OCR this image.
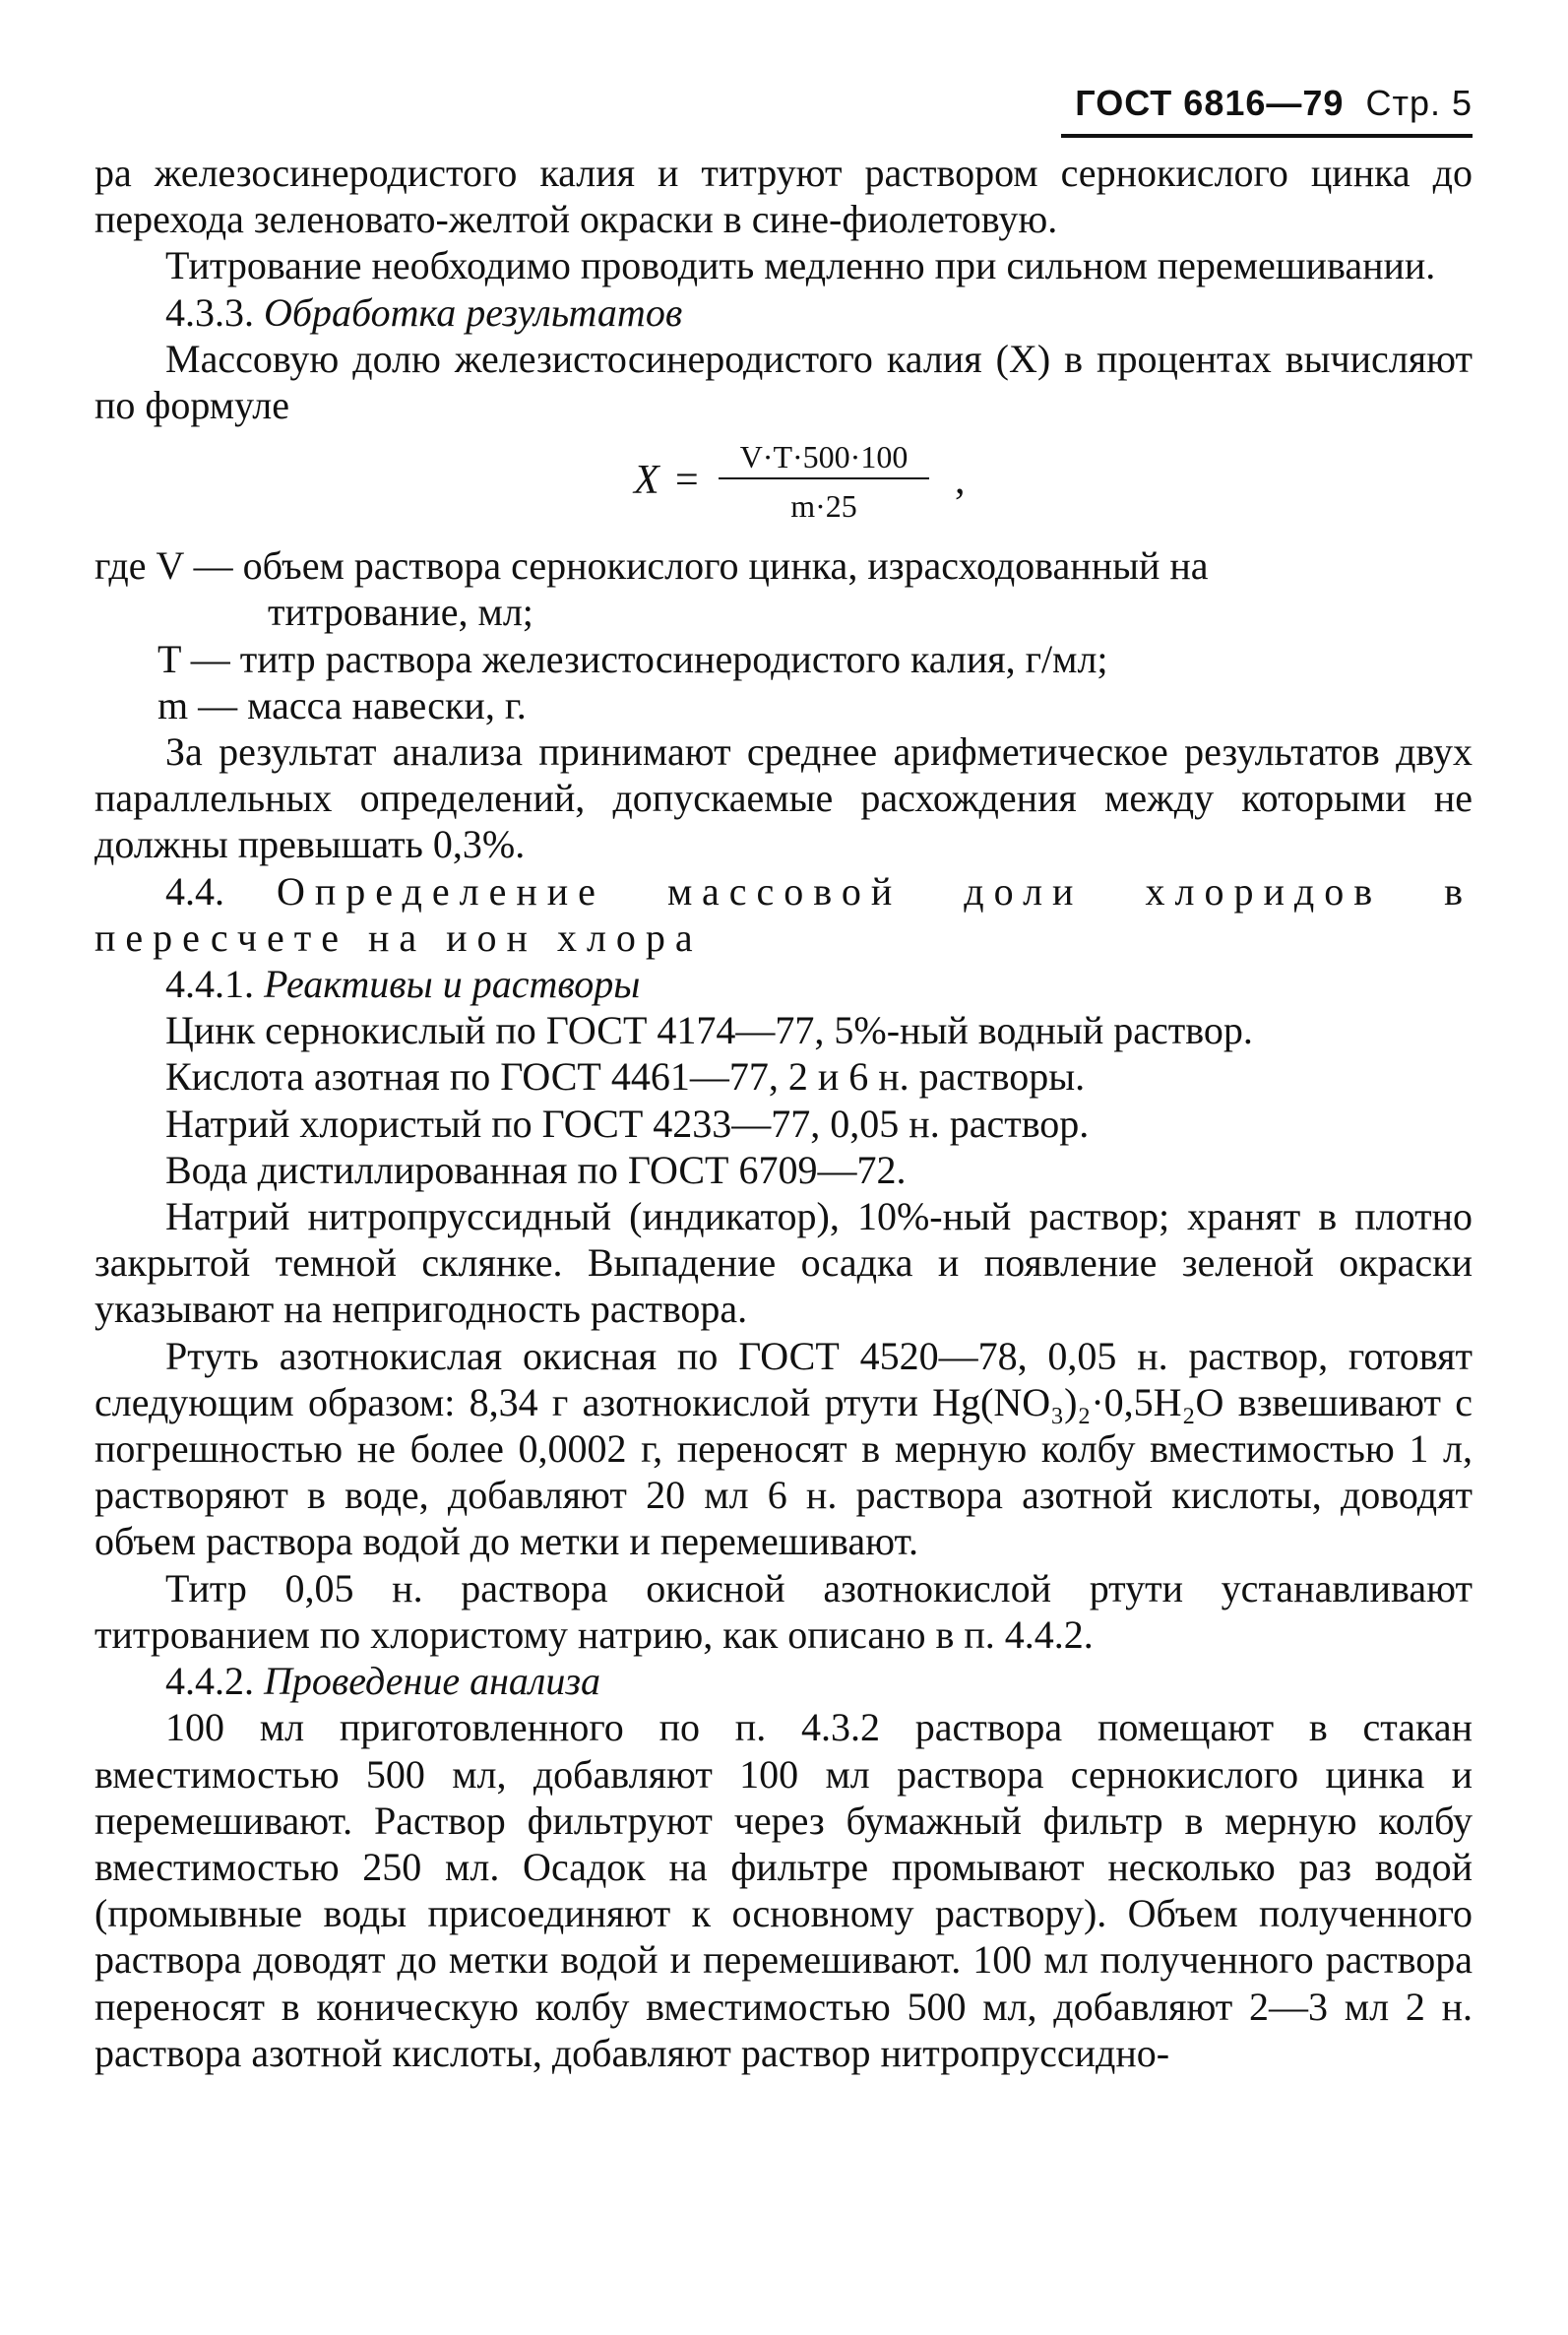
ГОСТ 6816—79 Стр. 5

ра железосинеродистого калия и титруют раствором сернокислого цинка до перехода зеленовато-желтой окраски в сине-фиолетовую.

Титрование необходимо проводить медленно при сильном перемешивании.

4.3.3. Обработка результатов

Массовую долю железистосинеродистого калия (X) в процентах вычисляют по формуле

X =
V·T·500·100
m·25
,

где V — объем раствора сернокислого цинка, израсходованный на

титрование, мл;

T — титр раствора железистосинеродистого калия, г/мл;

m — масса навески, г.

За результат анализа принимают среднее арифметическое результатов двух параллельных определений, допускаемые расхождения между которыми не должны превышать 0,3%.

4.4. Определение массовой доли хлоридов в пересчете на ион хлора

4.4.1. Реактивы и растворы

Цинк сернокислый по ГОСТ 4174—77, 5%-ный водный раствор.

Кислота азотная по ГОСТ 4461—77, 2 и 6 н. растворы.

Натрий хлористый по ГОСТ 4233—77, 0,05 н. раствор.

Вода дистиллированная по ГОСТ 6709—72.

Натрий нитропруссидный (индикатор), 10%-ный раствор; хранят в плотно закрытой темной склянке. Выпадение осадка и появление зеленой окраски указывают на непригодность раствора.

Ртуть азотнокислая окисная по ГОСТ 4520—78, 0,05 н. раствор, готовят следующим образом: 8,34 г азотнокислой ртути Hg(NO₃)₂·0,5H₂O взвешивают с погрешностью не более 0,0002 г, переносят в мерную колбу вместимостью 1 л, растворяют в воде, добавляют 20 мл 6 н. раствора азотной кислоты, доводят объем раствора водой до метки и перемешивают.

Титр 0,05 н. раствора окисной азотнокислой ртути устанавливают титрованием по хлористому натрию, как описано в п. 4.4.2.

4.4.2. Проведение анализа

100 мл приготовленного по п. 4.3.2 раствора помещают в стакан вместимостью 500 мл, добавляют 100 мл раствора сернокислого цинка и перемешивают. Раствор фильтруют через бумажный фильтр в мерную колбу вместимостью 250 мл. Осадок на фильтре промывают несколько раз водой (промывные воды присоединяют к основному раствору). Объем полученного раствора доводят до метки водой и перемешивают. 100 мл полученного раствора переносят в коническую колбу вместимостью 500 мл, добавляют 2—3 мл 2 н. раствора азотной кислоты, добавляют раствор нитропруссидно-
